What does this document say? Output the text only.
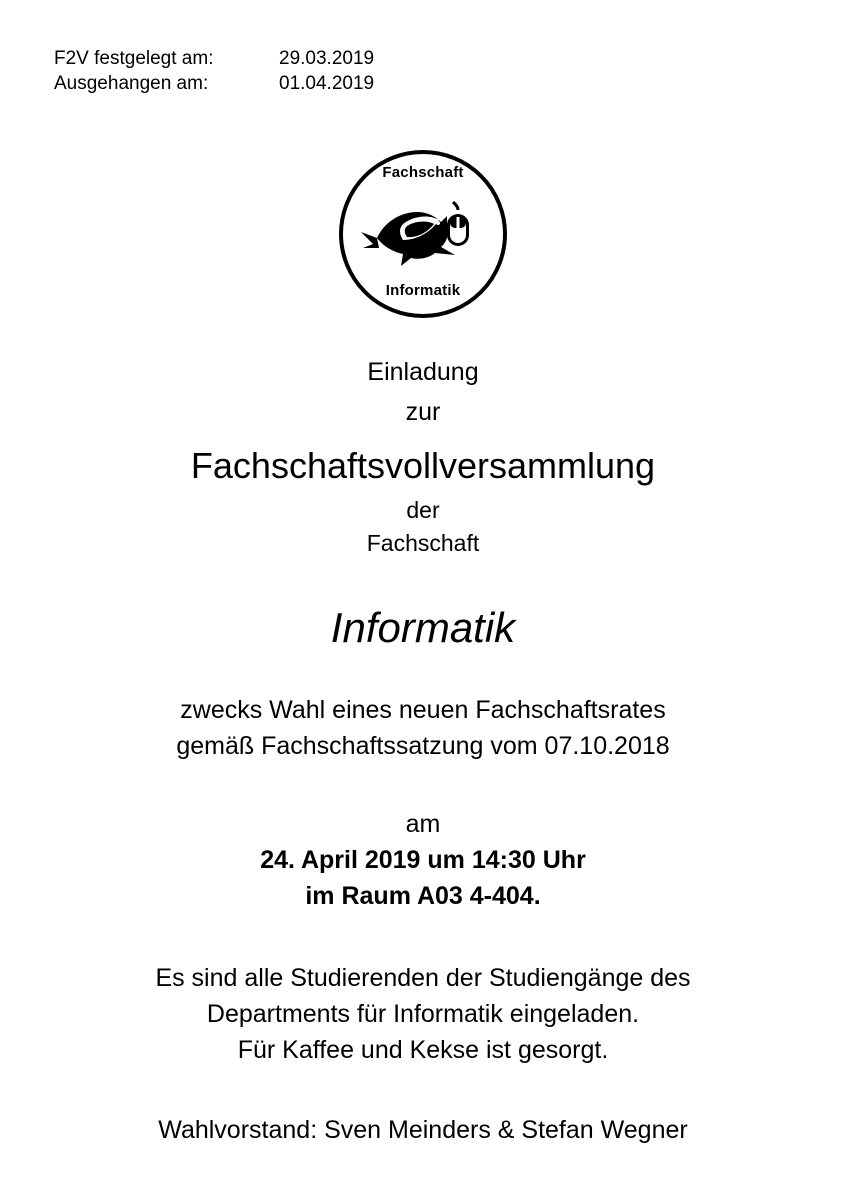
F2V festgelegt am:	29.03.2019
Ausgehangen am:	01.04.2019
Fachschaft
Informatik
Einladung
zur
Fachschaftsvollversammlung
der
Fachschaft
Informatik
zwecks Wahl eines neuen Fachschaftsrates
gemäß Fachschaftssatzung vom 07.10.2018
am
24. April 2019 um 14:30 Uhr
im Raum A03 4-404.
Es sind alle Studierenden der Studiengänge des
Departments für Informatik eingeladen.
Für Kaffee und Kekse ist gesorgt.
Wahlvorstand: Sven Meinders & Stefan Wegner
